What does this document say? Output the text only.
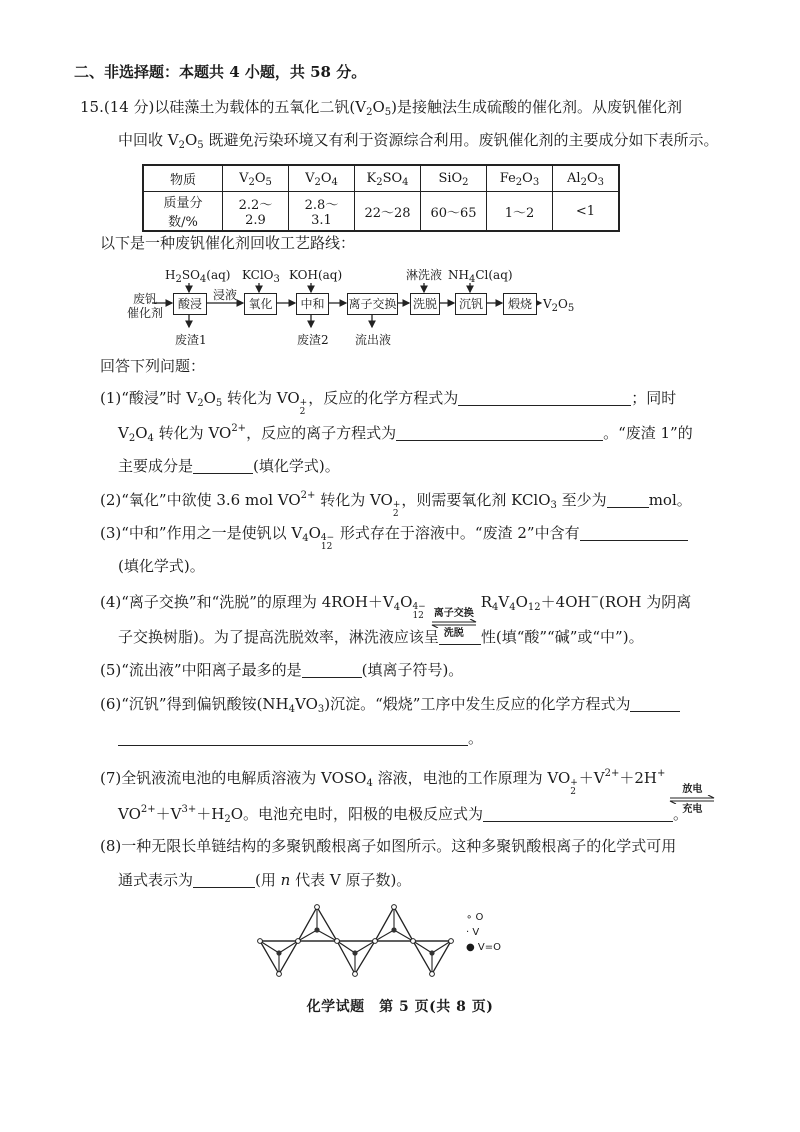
二、非选择题：本题共 4 小题，共 58 分。
15.(14 分)以硅藻土为载体的五氧化二钒$(V_2O_5)$是接触法生成硫酸的催化剂。从废钒催化剂
中回收 $V_2O_5$ 既避免污染环境又有利于资源综合利用。废钒催化剂的主要成分如下表所示。
以下是一种废钒催化剂回收工艺路线：
回答下列问题：
(1)“酸浸”时 $V_2O_5$ 转化为 VO +
2
，反应的化学方程式为	；同时
$V_2O_4$ 转化为 $VO^{2+}$，反应的离子方程式为	。“废渣 1”的
主要成分是	(填化学式)。
(2)“氧化”中欲使 3.6 mol $VO^{2+}$ 转化为 VO +
2
，则需要氧化剂 KClO$_3$ 至少为	mol。
(3)“中和”作用之一是使钒以 $V_4O$ 4−
12
形式存在于溶液中。“废渣 2”中含有
(填化学式)。
(4)“离子交换”和“洗脱”的原理为 $4ROH+V_4O$ 4−
12 离子交换
洗脱
$R_4V_4O_{12}+4OH^-(ROH$ 为阴离
子交换树脂)。为了提高洗脱效率，淋洗液应该呈	性(填“酸”“碱”或“中”)。
(5)“流出液”中阳离子最多的是	(填离子符号)。
(6)“沉钒”得到偏钒酸铵$(NH_4VO_3)$沉淀。“煅烧”工序中发生反应的化学方程式为
。
(7)全钒液流电池的电解质溶液为 $VOSO_4$ 溶液，电池的工作原理为 VO +
2
$+V^{2+}+2H^+$
放电
充电
$VO^{2+}+V^{3+}+H_2O$。电池充电时，阳极的电极反应式为	。
(8)一种无限长单链结构的多聚钒酸根离子如图所示。这种多聚钒酸根离子的化学式可用
通式表示为	(用 n 代表 V 原子数)。
物质	$V_2O_5$	$V_2O_4$	$K_2SO_4$	SiO$_2$	$Fe_2O_3$	$Al_2O_3$
质量分数/%	2.2～2.9	2.8～3.1	22～28	60～65	1～2	<1
废钒
催化剂
酸浸	氧化	中和	离子交换 洗脱	沉钒	煅烧
浸液
$H_2SO_4(aq)$ KClO$_3$ KOH(aq)	淋洗液 $NH_4Cl(aq)$
废渣1	废渣2 流出液
$V_2O_5$
∘ O
· V
● V=O
化学试题　第 5 页(共 8 页)
